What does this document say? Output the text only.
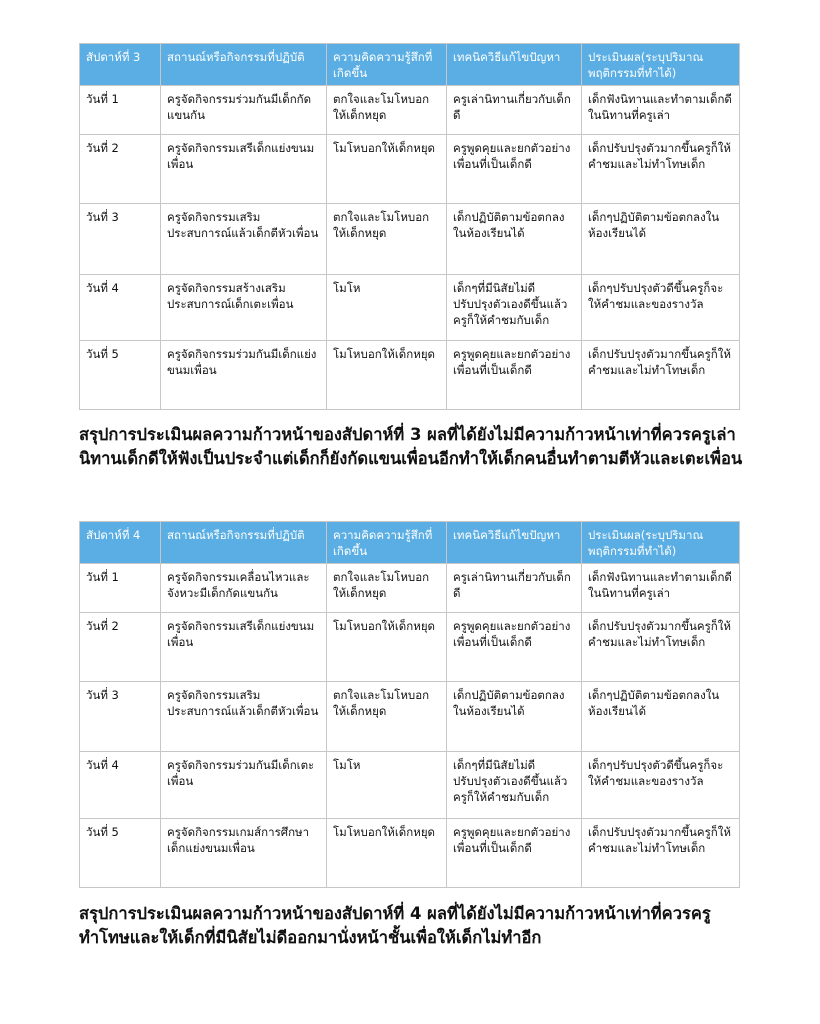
สัปดาห์ที่ 3	สถานณ์หรือกิจกรรมที่ปฏิบัติ	ความคิดความรู้สึกที่เกิดขึ้น	เทคนิควิธีแก้ไขปัญหา	ประเมินผล(ระบุปริมาณพฤติกรรมที่ทำได้)
วันที่ 1	ครูจัดกิจกรรมร่วมกันมีเด็กกัดแขนกัน	ตกใจและโมโหบอกให้เด็กหยุด	ครูเล่านิทานเกี่ยวกับเด็กดี	เด็กฟังนิทานและทำตามเด็กดีในนิทานที่ครูเล่า
วันที่ 2	ครูจัดกิจกรรมเสรีเด็กแย่งขนมเพื่อน	โมโหบอกให้เด็กหยุด	ครูพูดคุยและยกตัวอย่างเพื่อนที่เป็นเด็กดี	เด็กปรับปรุงตัวมากขึ้นครูก็ให้คำชมและไม่ทำโทษเด็ก
วันที่ 3	ครูจัดกิจกรรมเสริมประสบการณ์แล้วเด็กตีหัวเพื่อน	ตกใจและโมโหบอกให้เด็กหยุด	เด็กปฏิบัติตามข้อตกลงในห้องเรียนได้	เด็กๆปฏิบัติตามข้อตกลงในห้องเรียนได้
วันที่ 4	ครูจัดกิจกรรมสร้างเสริมประสบการณ์เด็กเตะเพื่อน	โมโห	เด็กๆที่มีนิสัยไม่ดีปรับปรุงตัวเองดีขึ้นแล้วครูก็ให้คำชมกับเด็ก	เด็กๆปรับปรุงตัวดีขึ้นครูก็จะให้คำชมและของรางวัล
วันที่ 5	ครูจัดกิจกรรมร่วมกันมีเด็กแย่งขนมเพื่อน	โมโหบอกให้เด็กหยุด	ครูพูดคุยและยกตัวอย่างเพื่อนที่เป็นเด็กดี	เด็กปรับปรุงตัวมากขึ้นครูก็ให้คำชมและไม่ทำโทษเด็ก

สรุปการประเมินผลความก้าวหน้าของสัปดาห์ที่ 3 ผลที่ได้ยังไม่มีความก้าวหน้าเท่าที่ควรครูเล่านิทานเด็กดีให้ฟังเป็นประจำแต่เด็กก็ยังกัดแขนเพื่อนอีกทำให้เด็กคนอื่นทำตามตีหัวและเตะเพื่อน

สัปดาห์ที่ 4	สถานณ์หรือกิจกรรมที่ปฏิบัติ	ความคิดความรู้สึกที่เกิดขึ้น	เทคนิควิธีแก้ไขปัญหา	ประเมินผล(ระบุปริมาณพฤติกรรมที่ทำได้)
วันที่ 1	ครูจัดกิจกรรมเคลื่อนไหวและจังหวะมีเด็กกัดแขนกัน	ตกใจและโมโหบอกให้เด็กหยุด	ครูเล่านิทานเกี่ยวกับเด็กดี	เด็กฟังนิทานและทำตามเด็กดีในนิทานที่ครูเล่า
วันที่ 2	ครูจัดกิจกรรมเสรีเด็กแย่งขนมเพื่อน	โมโหบอกให้เด็กหยุด	ครูพูดคุยและยกตัวอย่างเพื่อนที่เป็นเด็กดี	เด็กปรับปรุงตัวมากขึ้นครูก็ให้คำชมและไม่ทำโทษเด็ก
วันที่ 3	ครูจัดกิจกรรมเสริมประสบการณ์แล้วเด็กตีหัวเพื่อน	ตกใจและโมโหบอกให้เด็กหยุด	เด็กปฏิบัติตามข้อตกลงในห้องเรียนได้	เด็กๆปฏิบัติตามข้อตกลงในห้องเรียนได้
วันที่ 4	ครูจัดกิจกรรมร่วมกันมีเด็กเตะเพื่อน	โมโห	เด็กๆที่มีนิสัยไม่ดีปรับปรุงตัวเองดีขึ้นแล้วครูก็ให้คำชมกับเด็ก	เด็กๆปรับปรุงตัวดีขึ้นครูก็จะให้คำชมและของรางวัล
วันที่ 5	ครูจัดกิจกรรมเกมส์การศึกษาเด็กแย่งขนมเพื่อน	โมโหบอกให้เด็กหยุด	ครูพูดคุยและยกตัวอย่างเพื่อนที่เป็นเด็กดี	เด็กปรับปรุงตัวมากขึ้นครูก็ให้คำชมและไม่ทำโทษเด็ก

สรุปการประเมินผลความก้าวหน้าของสัปดาห์ที่ 4 ผลที่ได้ยังไม่มีความก้าวหน้าเท่าที่ควรครูทำโทษและให้เด็กที่มีนิสัยไม่ดีออกมานั่งหน้าชั้นเพื่อให้เด็กไม่ทำอีก
